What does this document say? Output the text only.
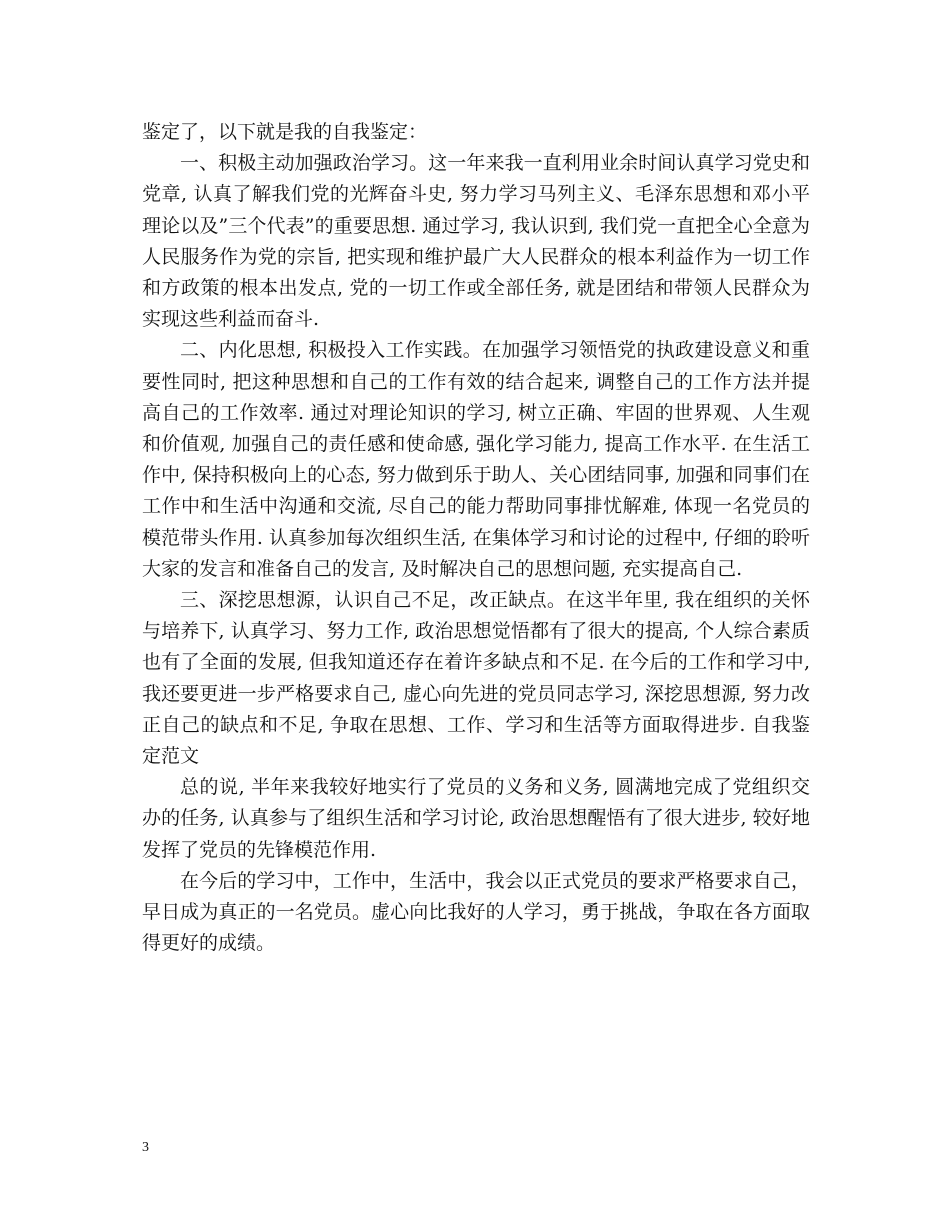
鉴定了，以下就是我的自我鉴定：

一、积极主动加强政治学习。这一年来我一直利用业余时间认真学习党史和党章, 认真了解我们党的光辉奋斗史, 努力学习马列主义、毛泽东思想和邓小平理论以及”三个代表”的重要思想. 通过学习, 我认识到, 我们党一直把全心全意为人民服务作为党的宗旨, 把实现和维护最广大人民群众的根本利益作为一切工作和方政策的根本出发点, 党的一切工作或全部任务, 就是团结和带领人民群众为实现这些利益而奋斗.

二、内化思想, 积极投入工作实践。在加强学习领悟党的执政建设意义和重要性同时, 把这种思想和自己的工作有效的结合起来, 调整自己的工作方法并提高自己的工作效率. 通过对理论知识的学习, 树立正确、牢固的世界观、人生观和价值观, 加强自己的责任感和使命感, 强化学习能力, 提高工作水平. 在生活工作中, 保持积极向上的心态, 努力做到乐于助人、关心团结同事, 加强和同事们在工作中和生活中沟通和交流, 尽自己的能力帮助同事排忧解难, 体现一名党员的模范带头作用. 认真参加每次组织生活, 在集体学习和讨论的过程中, 仔细的聆听大家的发言和准备自己的发言, 及时解决自己的思想问题, 充实提高自己.

三、深挖思想源，认识自己不足，改正缺点。在这半年里, 我在组织的关怀与培养下, 认真学习、努力工作, 政治思想觉悟都有了很大的提高, 个人综合素质也有了全面的发展, 但我知道还存在着许多缺点和不足. 在今后的工作和学习中, 我还要更进一步严格要求自己, 虚心向先进的党员同志学习, 深挖思想源, 努力改正自己的缺点和不足, 争取在思想、工作、学习和生活等方面取得进步. 自我鉴定范文

总的说, 半年来我较好地实行了党员的义务和义务, 圆满地完成了党组织交办的任务, 认真参与了组织生活和学习讨论, 政治思想醒悟有了很大进步, 较好地发挥了党员的先锋模范作用.

在今后的学习中，工作中，生活中，我会以正式党员的要求严格要求自己，早日成为真正的一名党员。虚心向比我好的人学习，勇于挑战，争取在各方面取得更好的成绩。

3
